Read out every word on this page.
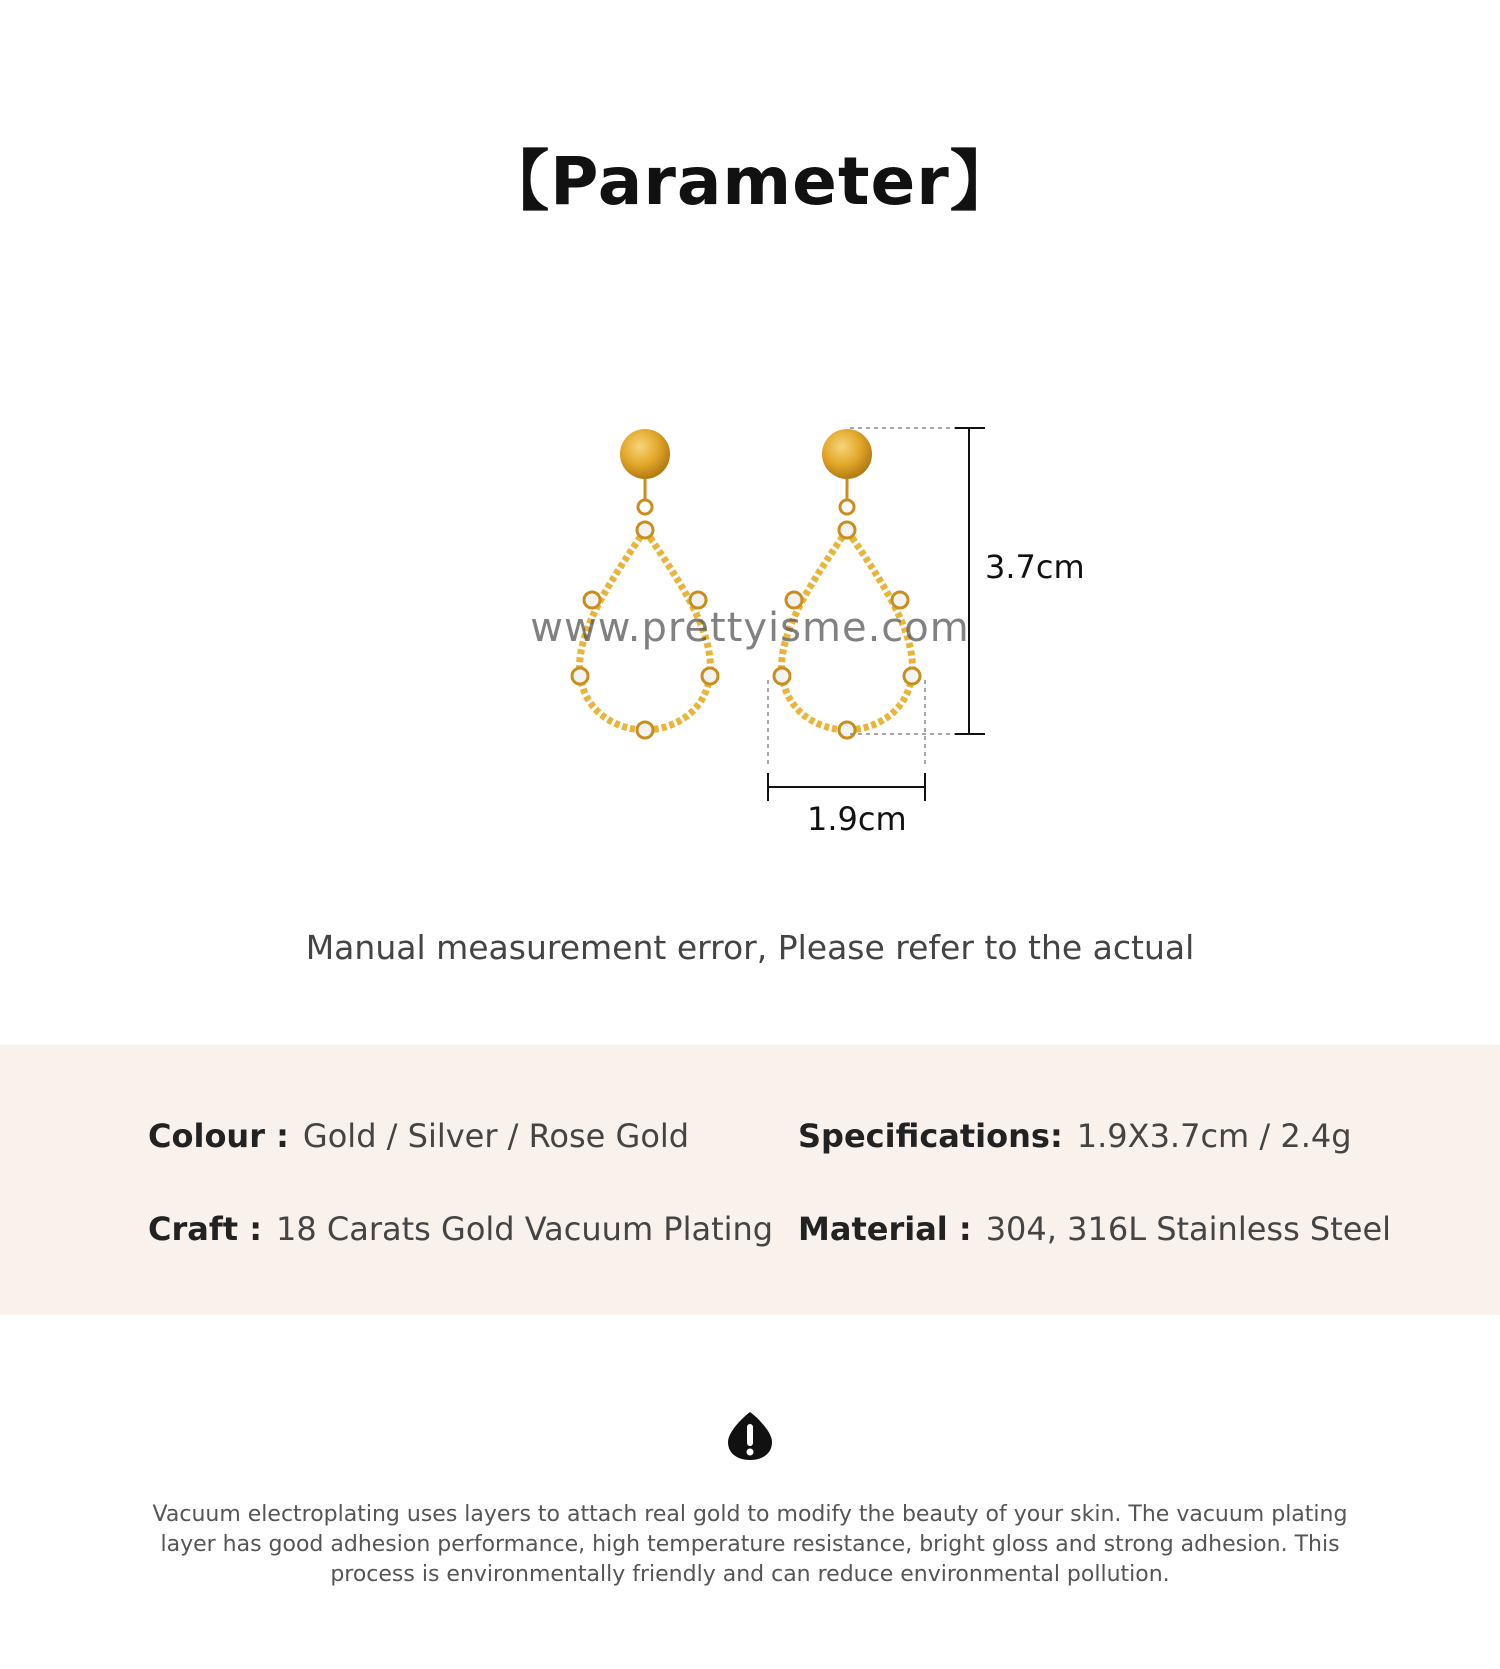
【Parameter】
www.prettyisme.com
3.7cm
1.9cm
Manual measurement error, Please refer to the actual
Colour : Gold / Silver / Rose Gold	Specifications: 1.9X3.7cm / 2.4g
Craft : 18 Carats Gold Vacuum Plating Material : 304, 316L Stainless Steel
Vacuum electroplating uses layers to attach real gold to modify the beauty of your skin. The vacuum plating layer has good adhesion performance, high temperature resistance, bright gloss and strong adhesion. This process is environmentally friendly and can reduce environmental pollution.
